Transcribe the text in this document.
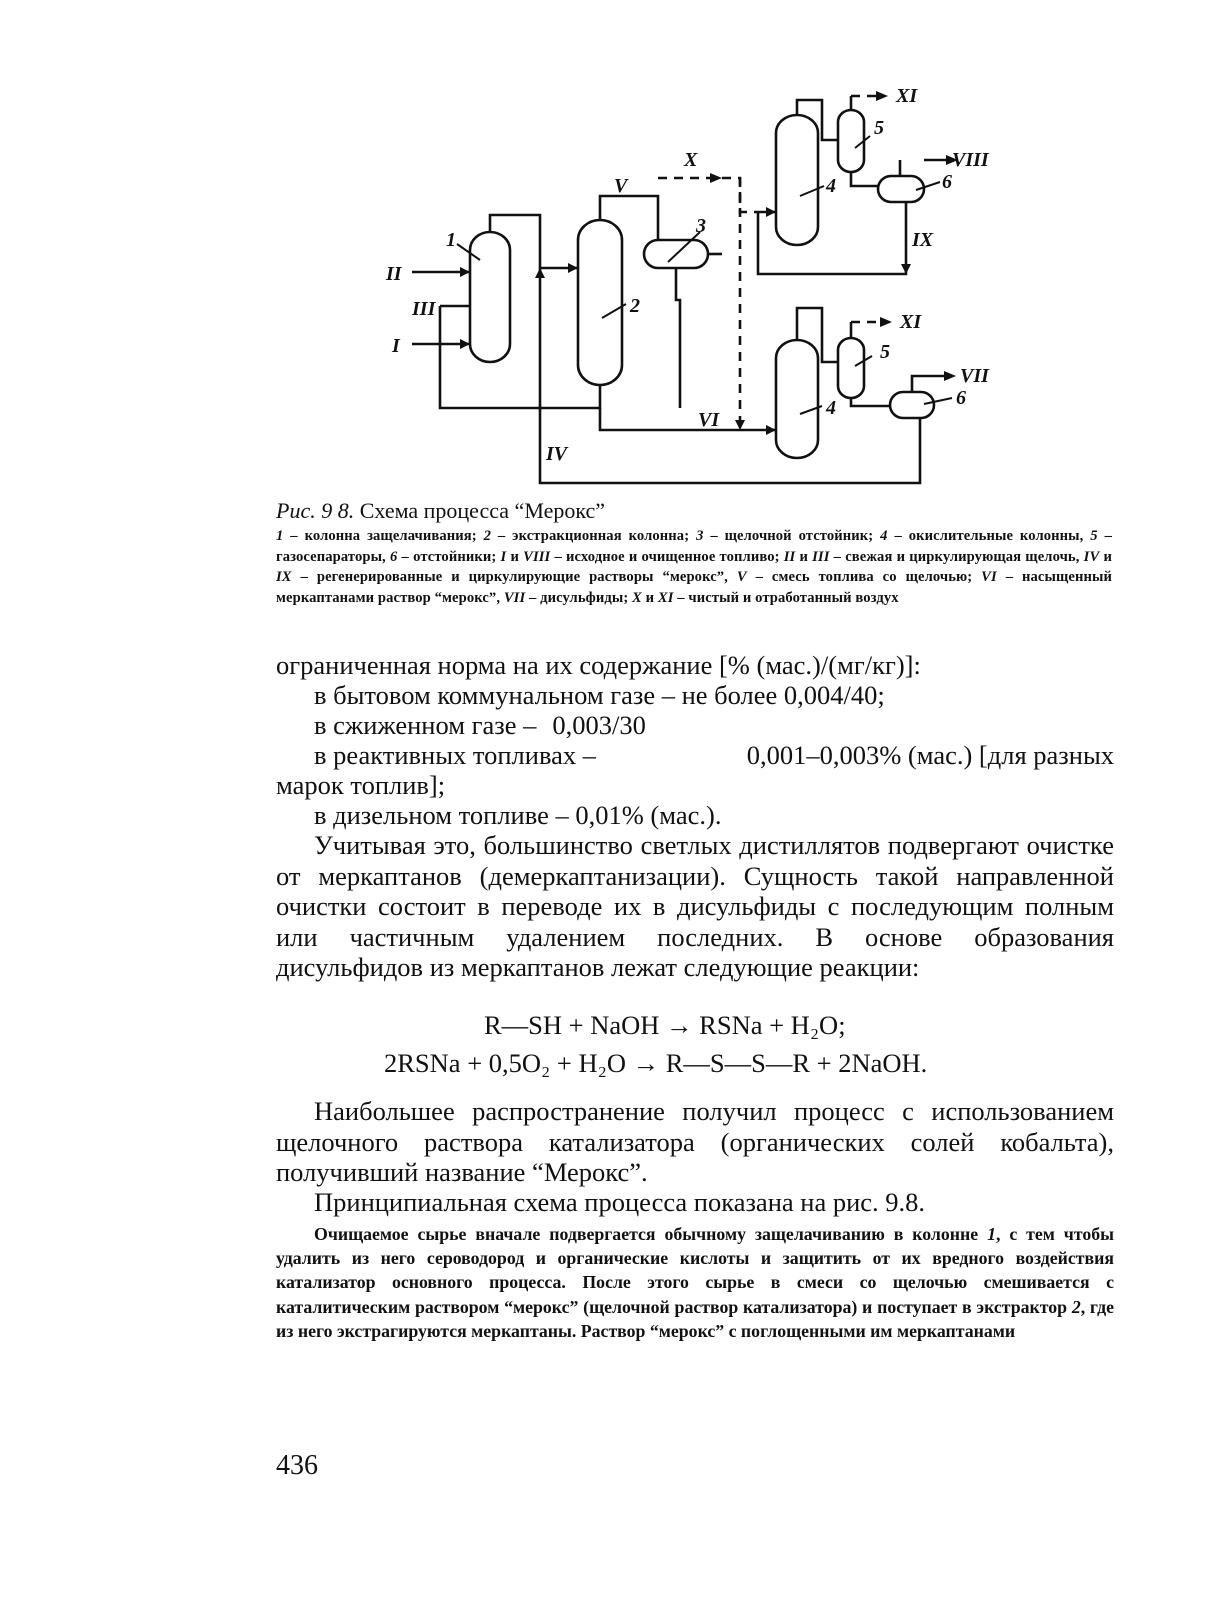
II
III
I
1
2
3
V
X
4
5
6
XI
VIII
IX
XI
5
VII
6
4
VI
IV
Рис. 9 8. Схема процесса “Мерокс”
1 – колонна защелачивания; 2 – экстракционная колонна; 3 – щелочной отстойник; 4 – окислительные колонны, 5 – газосепараторы, 6 – отстойники; I и VIII – исходное и очищенное топливо; II и III – свежая и циркулирующая щелочь, IV и IX – регенерированные и циркулирующие растворы “мерокс”, V – смесь топлива со щелочью; VI – насыщенный меркаптанами раствор “мерокс”, VII – дисульфиды; X и XI – чистый и отработанный воздух
ограниченная норма на их содержание [% (мас.)/(мг/кг)]:
в бытовом коммунальном газе – не более 0,004/40;
в сжиженном газе – 0,003/30
в реактивных топливах –	0,001–0,003% (мас.) [для разных
марок топлив];
в дизельном топливе – 0,01% (мас.).
Учитывая это, большинство светлых дистиллятов подвергают очистке от меркаптанов (демеркаптанизации). Сущность такой направленной очистки состоит в переводе их в дисульфиды с последующим полным или частичным удалением последних. В основе образования дисульфидов из меркаптанов лежат следующие реакции:
R—SH + NaOH → RSNa + H₂O;
2RSNa + 0,5O₂ + H₂O → R—S—S—R + 2NaOH.
Наибольшее распространение получил процесс с использованием щелочного раствора катализатора (органических солей кобальта), получивший название “Мерокс”.
Принципиальная схема процесса показана на рис. 9.8.

Очищаемое сырье вначале подвергается обычному защелачиванию в колонне 1, с тем чтобы удалить из него сероводород и органические кислоты и защитить от их вредного воздействия катализатор основного процесса. После этого сырье в смеси со щелочью смешивается с каталитическим раствором “мерокс” (щелочной раствор катализатора) и поступает в экстрактор 2, где из него экстрагируются меркаптаны. Раствор “мерокс” с поглощенными им меркаптанами

436
